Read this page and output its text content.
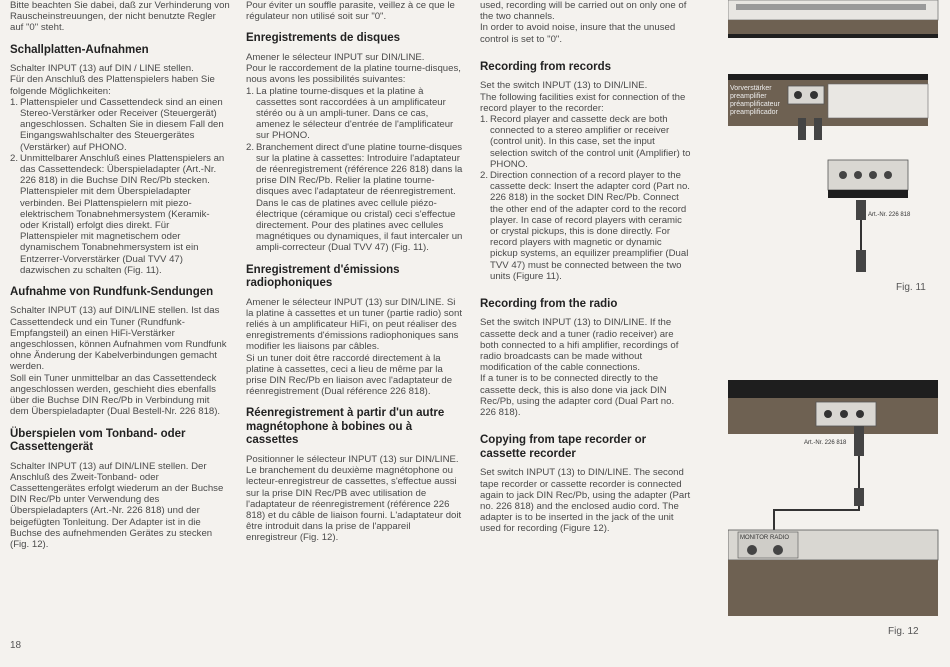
Bitte beachten Sie dabei, daß zur Verhinderung von Rauscheinstreuungen, der nicht benutzte Regler auf "0" steht.

Schallplatten-Aufnahmen

Schalter INPUT (13) auf DIN / LINE stellen.

Für den Anschluß des Plattenspielers haben Sie folgende Möglichkeiten:

1. Plattenspieler und Cassettendeck sind an einen Stereo-Verstärker oder Receiver (Steuergerät) angeschlossen. Schalten Sie in diesem Fall den Eingangswahlschalter des Steuergerätes (Verstärker) auf PHONO.
2. Unmittelbarer Anschluß eines Plattenspielers an das Cassettendeck: Überspieladapter (Art.-Nr. 226 818) in die Buchse DIN Rec/Pb stecken. Plattenspieler mit dem Überspieladapter verbinden. Bei Plattenspielern mit piezo-elektrischem Tonabnehmersystem (Keramik- oder Kristall) erfolgt dies direkt. Für Plattenspieler mit magnetischem oder dynamischem Tonabnehmersystem ist ein Entzerrer-Vorverstärker (Dual TVV 47) dazwischen zu schalten (Fig. 11).
Aufnahme von Rundfunk-Sendungen

Schalter INPUT (13) auf DIN/LINE stellen. Ist das Cassettendeck und ein Tuner (Rundfunk-Empfangsteil) an einen HiFi-Verstärker angeschlossen, können Aufnahmen vom Rundfunk ohne Änderung der Kabelverbindungen gemacht werden.

Soll ein Tuner unmittelbar an das Cassettendeck angeschlossen werden, geschieht dies ebenfalls über die Buchse DIN Rec/Pb in Verbindung mit dem Überspieladapter (Dual Bestell-Nr. 226 818).

Überspielen vom Tonband- oder Cassettengerät

Schalter INPUT (13) auf DIN/LINE stellen. Der Anschluß des Zweit-Tonband- oder Cassettengerätes erfolgt wiederum an der Buchse DIN Rec/Pb unter Verwendung des Überspieladapters (Art.-Nr. 226 818) und der beigefügten Tonleitung. Der Adapter ist in die Buchse des aufnehmenden Gerätes zu stecken (Fig. 12).

18

Pour éviter un souffle parasite, veillez à ce que le régulateur non utilisé soit sur "0".

Enregistrements de disques

Amener le sélecteur INPUT sur DIN/LINE.

Pour le raccordement de la platine tourne-disques, nous avons les possibilités suivantes:

1. La platine tourne-disques et la platine à cassettes sont raccordées à un amplificateur stéréo ou à un ampli-tuner. Dans ce cas, amenez le sélecteur d'entrée de l'amplificateur sur PHONO.
2. Branchement direct d'une platine tourne-disques sur la platine à cassettes: Introduire l'adaptateur de réenregistrement (référence 226 818) dans la prise DIN Rec/Pb. Relier la platine tourne-disques avec l'adaptateur de réenregistrement. Dans le cas de platines avec cellule piézo-électrique (céramique ou cristal) ceci s'effectue directement. Pour des platines avec cellules magnétiques ou dynamiques, il faut intercaler un ampli-correcteur (Dual TVV 47) (Fig. 11).
Enregistrement d'émissions radiophoniques

Amener le sélecteur INPUT (13) sur DIN/LINE. Si la platine à cassettes et un tuner (partie radio) sont reliés à un amplificateur HiFi, on peut réaliser des enregistrements d'émissions radiophoniques sans modifier les liaisons par câbles.

Si un tuner doit être raccordé directement à la platine à cassettes, ceci a lieu de même par la prise DIN Rec/Pb en liaison avec l'adaptateur de réenregistrement (Dual référence 226 818).

Réenregistrement à partir d'un autre magnétophone à bobines ou à cassettes

Positionner le sélecteur INPUT (13) sur DIN/LINE.

Le branchement du deuxième magnétophone ou lecteur-enregistreur de cassettes, s'effectue aussi sur la prise DIN Rec/PB avec utilisation de l'adaptateur de réenregistrement (référence 226 818) et du câble de liaison fourni. L'adaptateur doit être introduit dans la prise de l'appareil enregistreur (Fig. 12).

used, recording will be carried out on only one of the two channels.

In order to avoid noise, insure that the unused control is set to "0".

Recording from records

Set the switch INPUT (13) to DIN/LINE.

The following facilities exist for connection of the record player to the recorder:

1. Record player and cassette deck are both connected to a stereo amplifier or receiver (control unit). In this case, set the input selection switch of the control unit (Amplifier) to PHONO.
2. Direction connection of a record player to the cassette deck: Insert the adapter cord (Part no. 226 818) in the socket DIN Rec/Pb. Connect the other end of the adapter cord to the record player. In case of record players with ceramic or crystal pickups, this is done directly. For record players with magnetic or dynamic pickup systems, an equilizer preamplifier (Dual TVV 47) must be connected between the two units (Figure 11).
Recording from the radio

Set the switch INPUT (13) to DIN/LINE. If the cassette deck and a tuner (radio receiver) are both connected to a hifi amplifier, recordings of radio broadcasts can be made without modification of the cable connections.

If a tuner is to be connected directly to the cassette deck, this is also done via jack DIN Rec/Pb, using the adapter cord (Dual Part no. 226 818).

Copying from tape recorder or cassette recorder

Set switch INPUT (13) to DIN/LINE. The second tape recorder or cassette recorder is connected again to jack DIN Rec/Pb, using the adapter (Part no. 226 818) and the enclosed audio cord. The adapter is to be inserted in the jack of the unit used for recording (Figure 12).

Vorverstärker
preamplifier
préamplificateur
preamplificador
Art.-Nr. 226 818
Fig. 11
Art.-Nr. 226 818
MONITOR RADIO
Fig. 12
